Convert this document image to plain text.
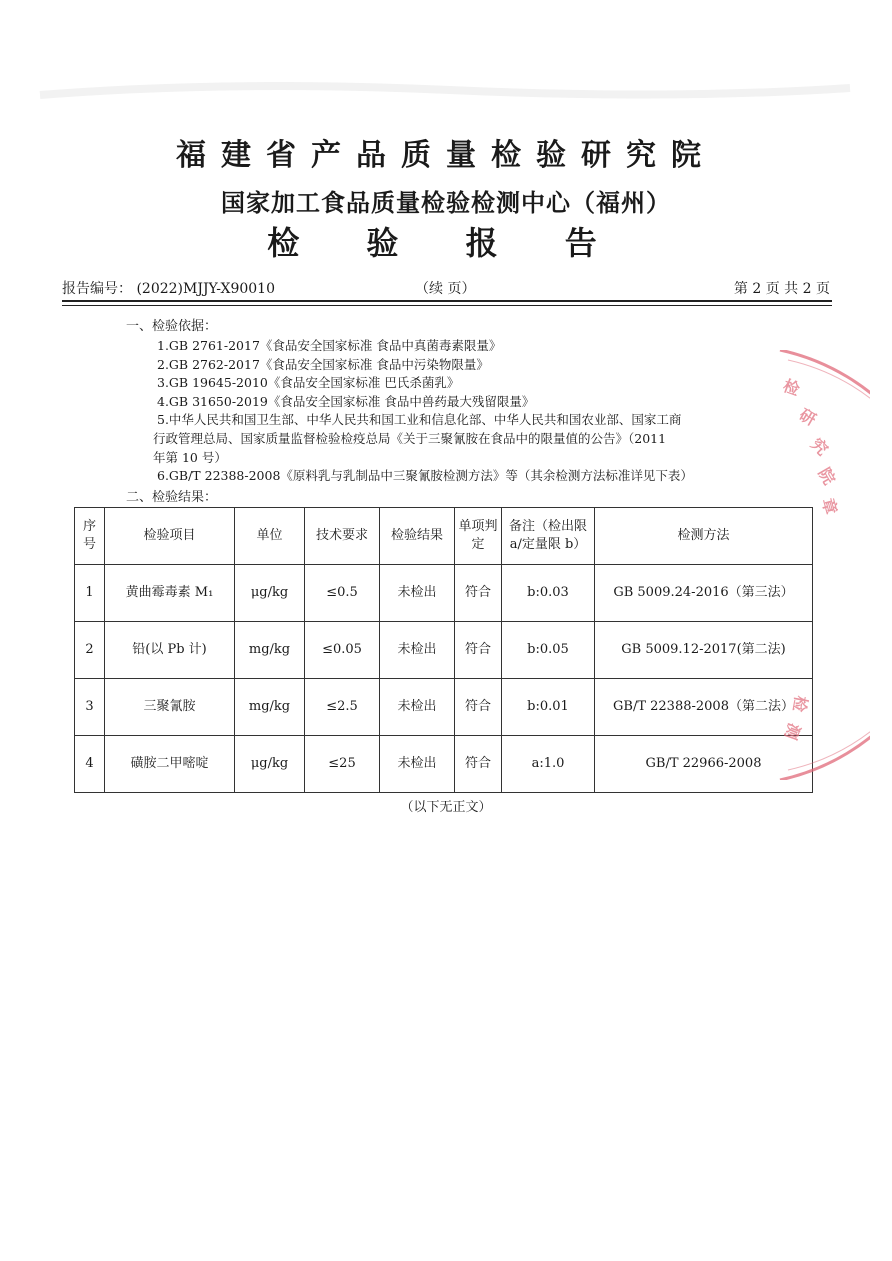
福建省产品质量检验研究院
国家加工食品质量检验检测中心（福州）
检 验 报 告
报告编号： (2022)MJJY-X90010	（续 页）	第 2 页 共 2 页
一、检验依据：
1.GB 2761-2017《食品安全国家标准 食品中真菌毒素限量》
2.GB 2762-2017《食品安全国家标准 食品中污染物限量》
3.GB 19645-2010《食品安全国家标准 巴氏杀菌乳》
4.GB 31650-2019《食品安全国家标准 食品中兽药最大残留限量》
5.中华人民共和国卫生部、中华人民共和国工业和信息化部、中华人民共和国农业部、国家工商
行政管理总局、国家质量监督检验检疫总局《关于三聚氰胺在食品中的限量值的公告》（2011
年第 10 号）
6.GB/T 22388-2008《原料乳与乳制品中三聚氰胺检测方法》等（其余检测方法标准详见下表）
二、检验结果：
序号	检验项目	单位	技术要求	检验结果	单项判定	备注（检出限 a/定量限 b）	检测方法
1	黄曲霉毒素 M₁	μg/kg	≤0.5	未检出	符合	b:0.03	GB 5009.24-2016（第三法）
2	铅(以 Pb 计)	mg/kg	≤0.05	未检出	符合	b:0.05	GB 5009.12-2017(第二法)
3	三聚氰胺	mg/kg	≤2.5	未检出	符合	b:0.01	GB/T 22388-2008（第二法）
4	磺胺二甲嘧啶	μg/kg	≤25	未检出	符合	a:1.0	GB/T 22966-2008
（以下无正文）
检
研
究
院
章
检
测
